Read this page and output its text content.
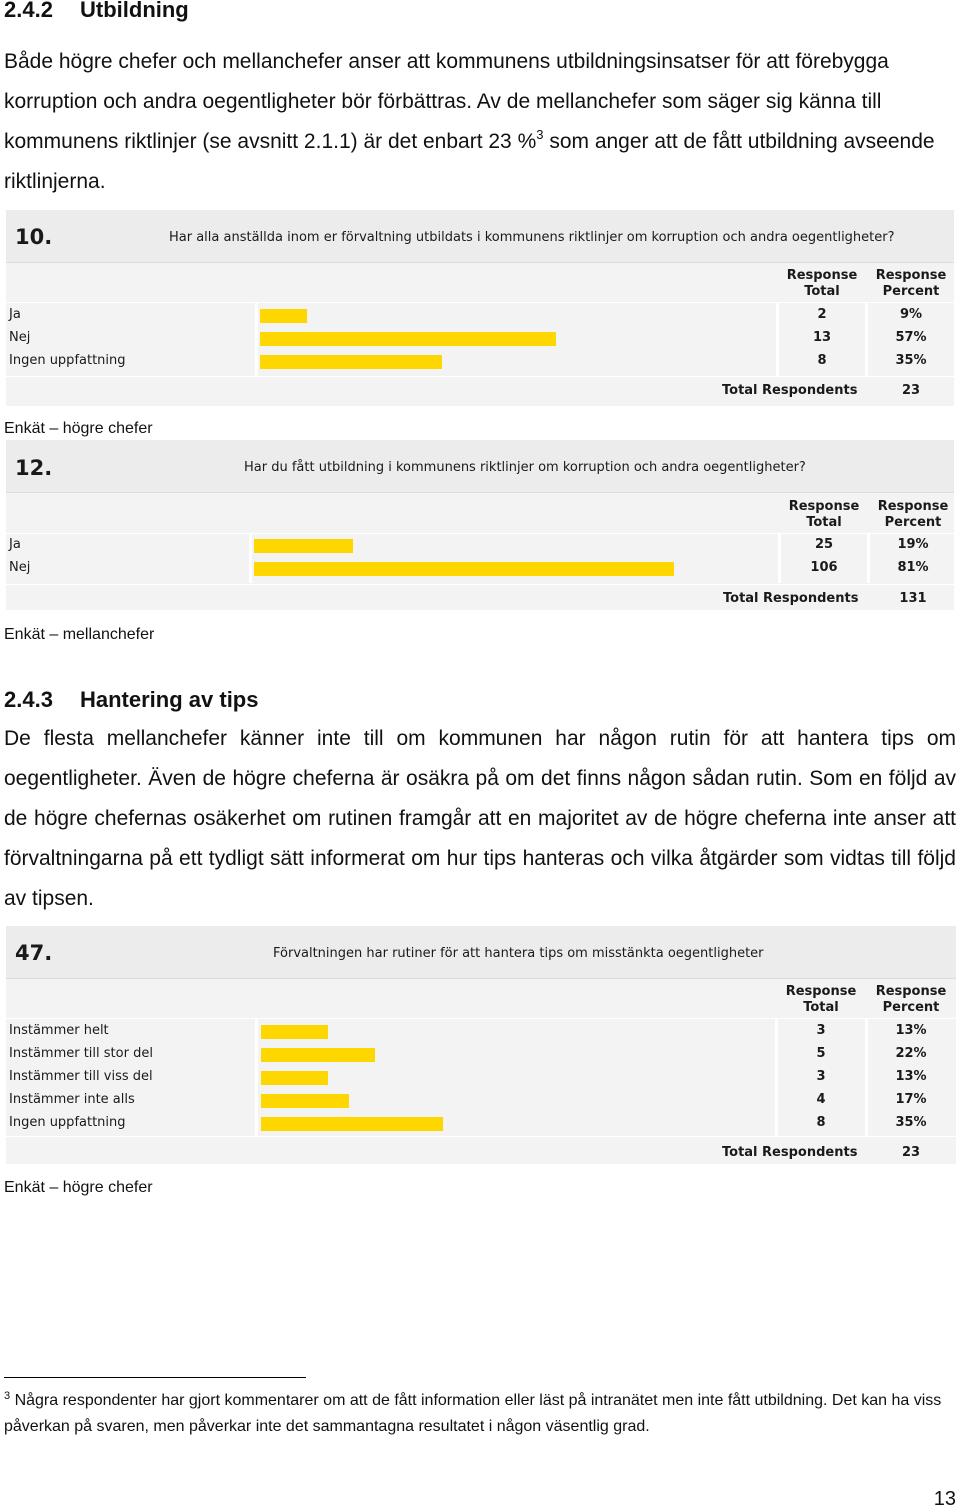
2.4.2 Utbildning

Både högre chefer och mellanchefer anser att kommunens utbildningsinsatser för att förebygga korruption och andra oegentligheter bör förbättras. Av de mellanchefer som säger sig känna till kommunens riktlinjer (se avsnitt 2.1.1) är det enbart 23 %$^3$ som anger att de fått utbildning avseende riktlinjerna.

10.	Har alla anställda inom er förvaltning utbildats i kommunens riktlinjer om korruption och andra oegentligheter?
Response Total
Response Percent
Ja	2	9%
Nej	13	57%
Ingen uppfattning	8	35%
Total Respondents	23
Enkät – högre chefer
12.	Har du fått utbildning i kommunens riktlinjer om korruption och andra oegentligheter?
Response Total
Response Percent
Ja	25	19%
Nej	106	81%
Total Respondents	131
Enkät – mellanchefer
2.4.3 Hantering av tips

De flesta mellanchefer känner inte till om kommunen har någon rutin för att hantera tips om oegentligheter. Även de högre cheferna är osäkra på om det finns någon sådan rutin. Som en följd av de högre chefernas osäkerhet om rutinen framgår att en majoritet av de högre cheferna inte anser att förvaltningarna på ett tydligt sätt informerat om hur tips hanteras och vilka åtgärder som vidtas till följd av tipsen.

47.	Förvaltningen har rutiner för att hantera tips om misstänkta oegentligheter
Response Total
Response Percent
Instämmer helt	3	13%
Instämmer till stor del	5	22%
Instämmer till viss del	3	13%
Instämmer inte alls	4	17%
Ingen uppfattning	8	35%
Total Respondents	23
Enkät – högre chefer

$^3$ Några respondenter har gjort kommentarer om att de fått information eller läst på intranätet men inte fått utbildning. Det kan ha viss påverkan på svaren, men påverkar inte det sammantagna resultatet i någon väsentlig grad.

13
